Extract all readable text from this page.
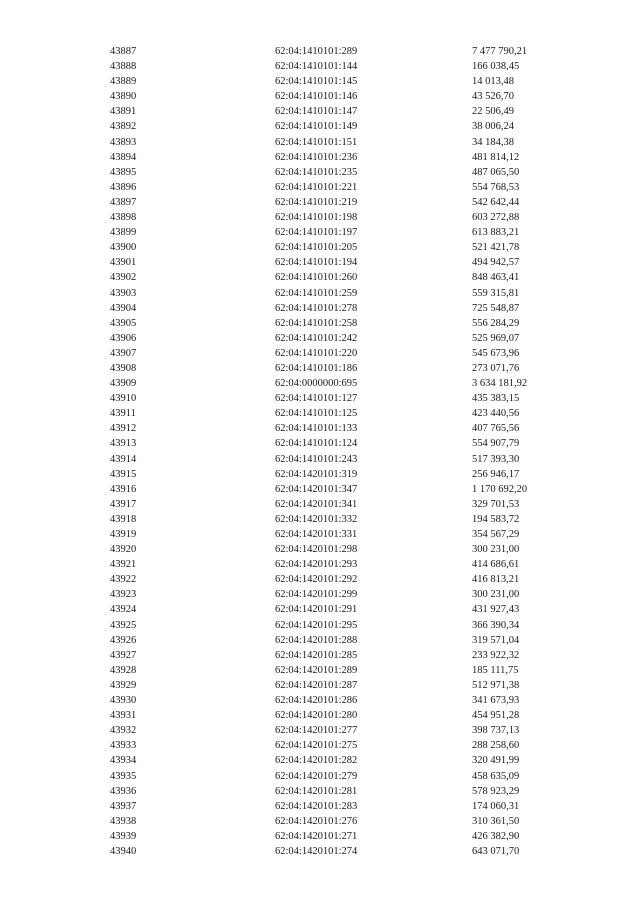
43887	62:04:1410101:289	7 477 790,21
43888	62:04:1410101:144	166 038,45
43889	62:04:1410101:145	14 013,48
43890	62:04:1410101:146	43 526,70
43891	62:04:1410101:147	22 506,49
43892	62:04:1410101:149	38 006,24
43893	62:04:1410101:151	34 184,38
43894	62:04:1410101:236	481 814,12
43895	62:04:1410101:235	487 065,50
43896	62:04:1410101:221	554 768,53
43897	62:04:1410101:219	542 642,44
43898	62:04:1410101:198	603 272,88
43899	62:04:1410101:197	613 883,21
43900	62:04:1410101:205	521 421,78
43901	62:04:1410101:194	494 942,57
43902	62:04:1410101:260	848 463,41
43903	62:04:1410101:259	559 315,81
43904	62:04:1410101:278	725 548,87
43905	62:04:1410101:258	556 284,29
43906	62:04:1410101:242	525 969,07
43907	62:04:1410101:220	545 673,96
43908	62:04:1410101:186	273 071,76
43909	62:04:0000000:695	3 634 181,92
43910	62:04:1410101:127	435 383,15
43911	62:04:1410101:125	423 440,56
43912	62:04:1410101:133	407 765,56
43913	62:04:1410101:124	554 907,79
43914	62:04:1410101:243	517 393,30
43915	62:04:1420101:319	256 946,17
43916	62:04:1420101:347	1 170 692,20
43917	62:04:1420101:341	329 701,53
43918	62:04:1420101:332	194 583,72
43919	62:04:1420101:331	354 567,29
43920	62:04:1420101:298	300 231,00
43921	62:04:1420101:293	414 686,61
43922	62:04:1420101:292	416 813,21
43923	62:04:1420101:299	300 231,00
43924	62:04:1420101:291	431 927,43
43925	62:04:1420101:295	366 390,34
43926	62:04:1420101:288	319 571,04
43927	62:04:1420101:285	233 922,32
43928	62:04:1420101:289	185 111,75
43929	62:04:1420101:287	512 971,38
43930	62:04:1420101:286	341 673,93
43931	62:04:1420101:280	454 951,28
43932	62:04:1420101:277	398 737,13
43933	62:04:1420101:275	288 258,60
43934	62:04:1420101:282	320 491,99
43935	62:04:1420101:279	458 635,09
43936	62:04:1420101:281	578 923,29
43937	62:04:1420101:283	174 060,31
43938	62:04:1420101:276	310 361,50
43939	62:04:1420101:271	426 382,90
43940	62:04:1420101:274	643 071,70
